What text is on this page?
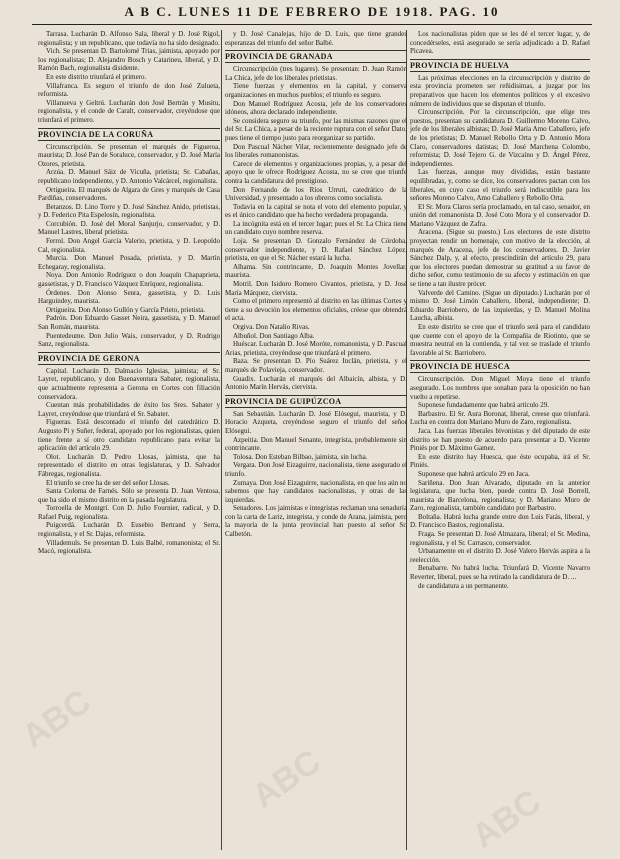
A B C. LUNES 11 DE FEBRERO DE 1918. PAG. 10
ABC
ABC
ABC

Tarrasa. Lucharán D. Alfonso Sala, liberal y D. José Rigol, regionalista; y un republicano, que todavía no ha sido designado.

Vich. Se presentan D. Bartolomé Trias, jaimista, apoyado por los regionalistas; D. Alejandro Bosch y Catarineu, liberal, y D. Ramón Bach, regionalista disidente.

En este distrito triunfará el primero.

Villafranca. Es seguro el triunfo de don José Zulueta, reformista.

Villanueva y Geltrú. Lucharán don José Bertrán y Musitu, regionalista, y el conde de Caralt, conservador, creyéndose que triunfará el primero.

PROVINCIA DE LA CORUÑA

Circunscripción. Se presentan el marqués de Figueroa, maurista; D. José Pan de Soraluce, conservador, y D. José María Ozores, prietista.

Arzúa. D. Manuel Sáiz de Vicuña, prietista; Sr. Cabañas, republicano independiente, y D. Antonio Valcárcel, regionalista.

Ortigueira. El marqués de Algara de Gres y marqués de Casa Pardiñas, conservadores.

Betanzos. D. Lino Torre y D. José Sánchez Anido, prietistas, y D. Federico Pita Espelosín, regionalista.

Corcubión. D. José del Moral Sanjurjo, conservador, y D. Manuel Lastres, liberal prietista.

Ferrol. Don Angel García Valerio, prietista, y D. Leopoldo Cal, regionalista.

Murcia. Don Manuel Posada, prietista, y D. Martín Echegaray, regionalista.

Noya. Don Antonio Rodríguez o don Joaquín Chapaprieta, gassetistas, y D. Francisco Vázquez Enríquez, regionalista.

Órdenes. Don Alonso Senra, gassetista, y D. Luis Harguindey, maurista.

Ortigueira. Don Alonso Gullón y García Prieto, prietista.

Padrón. Don Eduardo Gasset Neira, gassetista, y D. Manuel San Román, maurista.

Puentedeume. Don Julio Wais, conservador, y D. Rodrigo Sanz, regionalista.

PROVINCIA DE GERONA

Capital. Lucharán D. Dalmacio Iglesias, jaimista; el Sr. Layret, republicano, y don Buenaventura Sabater, regionalista, que actualmente representa a Gerona en Cortes con filiación conservadora.

Cuentan más probabilidades de éxito los Sres. Sabater y Layret, creyéndose que triunfará el Sr. Sabater.

Figueras. Está descontado el triunfo del catedrático D. Augusto Pi y Suñer, federal, apoyado por los regionalistas, quien tiene frente a sí otro candidato republicano para evitar la aplicación del artículo 29.

Olot. Lucharán D. Pedro Llosas, jaimista, que ha representado el distrito en otras legislaturas, y D. Salvador Fábregas, regionalista.

El triunfo se cree ha de ser del señor Llosas.

Santa Coloma de Farnés. Sólo se presenta D. Juan Ventosa, que ha sido el mismo distrito en la pasada legislatura.

Torroella de Montgrí. Con D. Julio Fournier, radical, y D. Rafael Puig, regionalista.

Puigcerdá. Lucharán D. Eusebio Bertrand y Serra, regionalista, y el Sr. Dajas, reformista.

Villademuls. Se presentan D. Luis Balbé, romanonista; el Sr. Macó, regionalista.

y D. José Canalejas, hijo de D. Luis, que tiene grandes esperanzas del triunfo del señor Balbé.

PROVINCIA DE GRANADA

Circunscripción (tres lugares). Se presentan: D. Juan Ramón La Chica, jefe de los liberales prietistas.

Tiene fuerzas y elementos en la capital, y conserva organizaciones en muchos pueblos; el triunfo es seguro.

Don Manuel Rodríguez Acosta, jefe de los conservadores idóneos, ahora declarado independiente.

Se considera seguro su triunfo, por las mismas razones que el del Sr. La Chica, a pesar de la reciente ruptura con el señor Dato, pues tiene el tiempo justo para reorganizar su partido.

Don Pascual Nácher Vilar, recientemente designado jefe de los liberales romanonistas.

Carece de elementos y organizaciones propias, y, a pesar del apoyo que le ofrece Rodríguez Acosta, no se cree que triunfe contra la candidatura del prestigioso.

Don Fernando de los Ríos Urruti, catedrático de la Universidad, y presentado a los obreros como socialista.

Todavía en la capital se nota el voto del elemento popular, y es el único candidato que ha hecho verdadera propaganda.

La incógnita está en el tercer lugar; pues el Sr. La Chica tiene un candidato cuyo nombre reserva.

Loja. Se presentan D. Gonzalo Fernández de Córdoba, conservador independiente, y D. Rafael Sánchez López, prietista, en que el Sr. Nácher estará la lucha.

Alhama. Sin contrincante, D. Joaquín Montes Jovellar, maurista.

Motril. Don Isidoro Romero Civantos, prietista, y D. José María Márquez, ciervista.

Como el primero representó al distrito en las últimas Cortes y tiene a su devoción los elementos oficiales, créese que obtendrá el acta.

Orgiva. Don Natalio Rivas.

Albuñol. Don Santiago Alba.

Huéscar. Lucharán D. José Moróte, romanonista, y D. Pascual Arias, prietista, creyéndose que triunfará el primero.

Baza. Se presentan D. Pío Suárez Inclán, prietista, y el marqués de Polavieja, conservador.

Guadix. Lucharán el marqués del Albaicín, albista, y D. Antonio Marín Hervás, ciervista.

PROVINCIA DE GUIPÚZCOA

San Sebastián. Lucharán D. José Elósegui, maurista, y D. Horacio Azqueta, creyéndose seguro el triunfo del señor Elósegui.

Azpeitia. Don Manuel Senante, integrista, probablemente sin contrincante.

Tolosa. Don Esteban Bilbao, jaimista, sin lucha.

Vergara. Don José Eizaguirre, nacionalista, tiene asegurado el triunfo.

Zumaya. Don José Eizaguirre, nacionalista, en que los aún no sabemos que hay candidatos nacionalistas, y otras de las izquierdas.

Senadores. Los jaimistas e integristas reclaman una senaduría con la carta de Lariz, integrista, y conde de Arana, jaimista, pero la mayoría de la junta provincial han puesto al señor Sr. Calbetón.

Los nacionalistas piden que se les dé el tercer lugar, y, de concedérseles, está asegurado se sería adjudicado a D. Rafael Picavea.

PROVINCIA DE HUELVA

Las próximas elecciones en la circunscripción y distrito de esta provincia prometen ser reñidísimas, a juzgar por los preparativos que hacen los elementos políticos y el excesivo número de individuos que se disputan el triunfo.

Circunscripción. Por la circunscripción, que elige tres puestos, presentan su candidatura D. Guillermo Moreno Calvo, jefe de los liberales albistas; D. José María Amo Caballero, jefe de los prietistas; D. Manuel Rebollo Orta y D. Antonio Mora Claro, conservadores datistas; D. José Marchena Colombo, reformista; D. José Tejero G. de Vizcaíno y D. Ángel Pérez, independientes.

Las fuerzas, aunque muy divididas, están bastante equilibradas, y, como se dice, los conservadores pactan con los liberales, en cuyo caso el triunfo será indiscutible para los señores Moreno Calvo, Amo Caballero y Rebollo Orta.

El Sr. Mora Claros sería proclamado, en tal caso, senador, en unión del romanonista D. José Coto Mora y el conservador D. Mariano Vázquez de Zafra.

Aracena. (Sigue su puesto.) Los electores de este distrito proyectan rendir un homenaje, con motivo de la elección, al marqués de Aracena, jefe de los conservadores. D. Javier Sánchez Dalp, y, al efecto, prescindirán del artículo 29, para que los electores puedan demostrar su gratitud a su favor de dicho señor, como testimonio de su afecto y estimación en que se tiene a tan ilustre prócer.

Valverde del Camino. (Sigue un diputado.) Lucharán por el mismo D. José Limón Caballero, liberal, independiente; D. Eduardo Barriobero, de las izquierdas, y D. Manuel Molina Laucha, albista.

En este distrito se cree que el triunfo será para el candidato que cuente con el apoyo de la Compañía de Riotinto, que se muestra neutral en la contienda, y tal vez se traslade el triunfo favorable al Sr. Barriobero.

PROVINCIA DE HUESCA

Circunscripción. Don Miguel Moya tiene el triunfo asegurado. Los nombres que sonaban para la oposición no han vuelto a repetirse.

Suponese fundadamente que habrá artículo 29.

Barbastro. El Sr. Aura Boronat, liberal, creese que triunfará. Lucha en contra don Mariano Muro de Zaro, regionalista.

Jaca. Las fuerzas liberales bivonistas y del diputado de este distrito se han puesto de acuerdo para presentar a D. Vicente Piniés por D. Máximo Gamez.

En este distrito hay Huesca, que éste ocupaba, irá el Sr. Piniés.

Suponese que habrá artículo 29 en Jaca.

Sariñena. Don Juan Alvarado, diputado en la anterior legislatura, que lucha bien, puede contra D. José Borrell, maurista de Barcelona, regionalista; y D. Mariano Muro de Zaro, regionalista, también candidato por Barbastro.

Boltaña. Habrá lucha grande entre don Luis Fatás, liberal, y D. Francisco Bastos, regionalista.

Fraga. Se presentan D. José Almazara, liberal; el Sr. Medina, regionalista, y el Sr. Carrasco, conservador.

Urbanamente en el distrito D. José Valero Hervás aspira a la reelección.

Benabarre. No habrá lucha. Triunfará D. Vicente Navarro Reverter, liberal, pues se ha retirado la candidatura de D. ...

de candidatura a un permanente.
